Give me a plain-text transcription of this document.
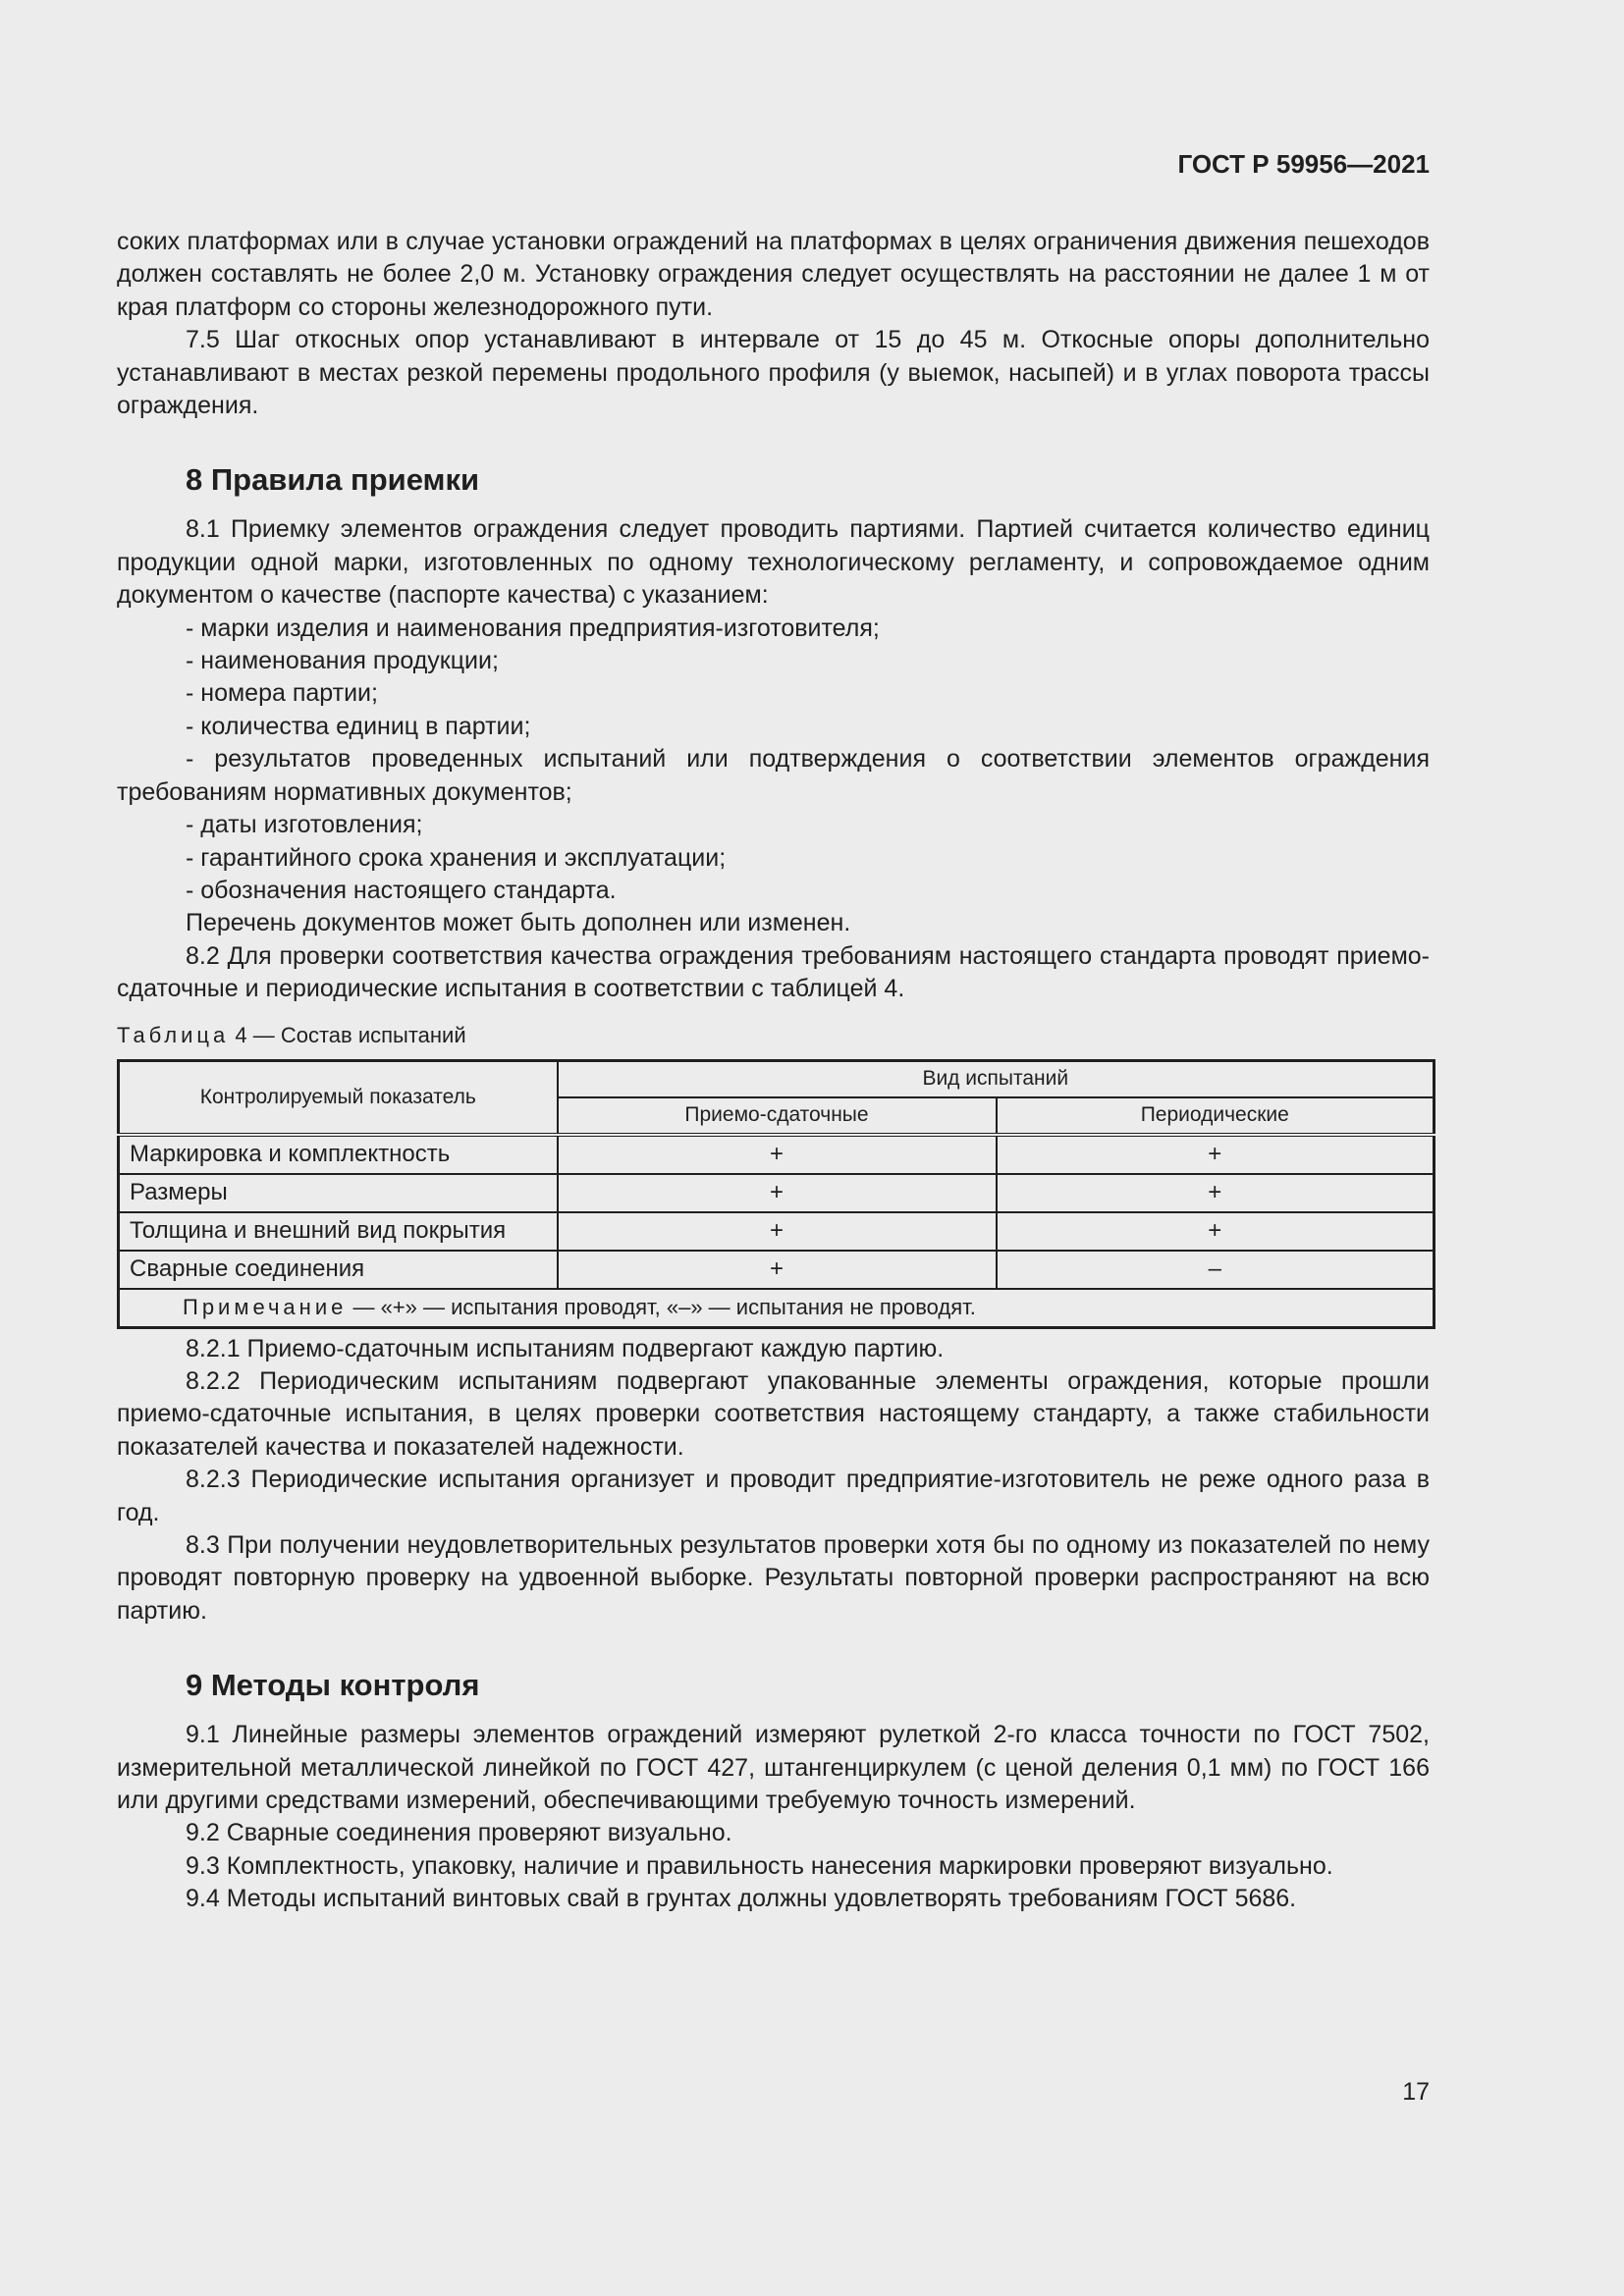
ГОСТ Р 59956—2021

соких платформах или в случае установки ограждений на платформах в целях ограничения движения пешеходов должен составлять не более 2,0 м. Установку ограждения следует осуществлять на расстоянии не далее 1 м от края платформ со стороны железнодорожного пути.

7.5 Шаг откосных опор устанавливают в интервале от 15 до 45 м. Откосные опоры дополнительно устанавливают в местах резкой перемены продольного профиля (у выемок, насыпей) и в углах поворота трассы ограждения.

8 Правила приемки

8.1 Приемку элементов ограждения следует проводить партиями. Партией считается количество единиц продукции одной марки, изготовленных по одному технологическому регламенту, и сопровождаемое одним документом о качестве (паспорте качества) с указанием:

- марки изделия и наименования предприятия-изготовителя;

- наименования продукции;

- номера партии;

- количества единиц в партии;

- результатов проведенных испытаний или подтверждения о соответствии элементов ограждения требованиям нормативных документов;

- даты изготовления;

- гарантийного срока хранения и эксплуатации;

- обозначения настоящего стандарта.

Перечень документов может быть дополнен или изменен.

8.2 Для проверки соответствия качества ограждения требованиям настоящего стандарта проводят приемо-сдаточные и периодические испытания в соответствии с таблицей 4.

Таблица 4 — Состав испытаний
Контролируемый показатель	Вид испытаний	
	Приемо-сдаточные	Периодические
Маркировка и комплектность	+	+
Размеры	+	+
Толщина и внешний вид покрытия	+	+
Сварные соединения	+	–
Примечание — «+» — испытания проводят, «–» — испытания не проводят.		

8.2.1 Приемо-сдаточным испытаниям подвергают каждую партию.

8.2.2 Периодическим испытаниям подвергают упакованные элементы ограждения, которые прошли приемо-сдаточные испытания, в целях проверки соответствия настоящему стандарту, а также стабильности показателей качества и показателей надежности.

8.2.3 Периодические испытания организует и проводит предприятие-изготовитель не реже одного раза в год.

8.3 При получении неудовлетворительных результатов проверки хотя бы по одному из показателей по нему проводят повторную проверку на удвоенной выборке. Результаты повторной проверки распространяют на всю партию.

9 Методы контроля

9.1 Линейные размеры элементов ограждений измеряют рулеткой 2-го класса точности по ГОСТ 7502, измерительной металлической линейкой по ГОСТ 427, штангенциркулем (с ценой деления 0,1 мм) по ГОСТ 166 или другими средствами измерений, обеспечивающими требуемую точность измерений.

9.2 Сварные соединения проверяют визуально.

9.3 Комплектность, упаковку, наличие и правильность нанесения маркировки проверяют визуально.

9.4 Методы испытаний винтовых свай в грунтах должны удовлетворять требованиям ГОСТ 5686.

17
